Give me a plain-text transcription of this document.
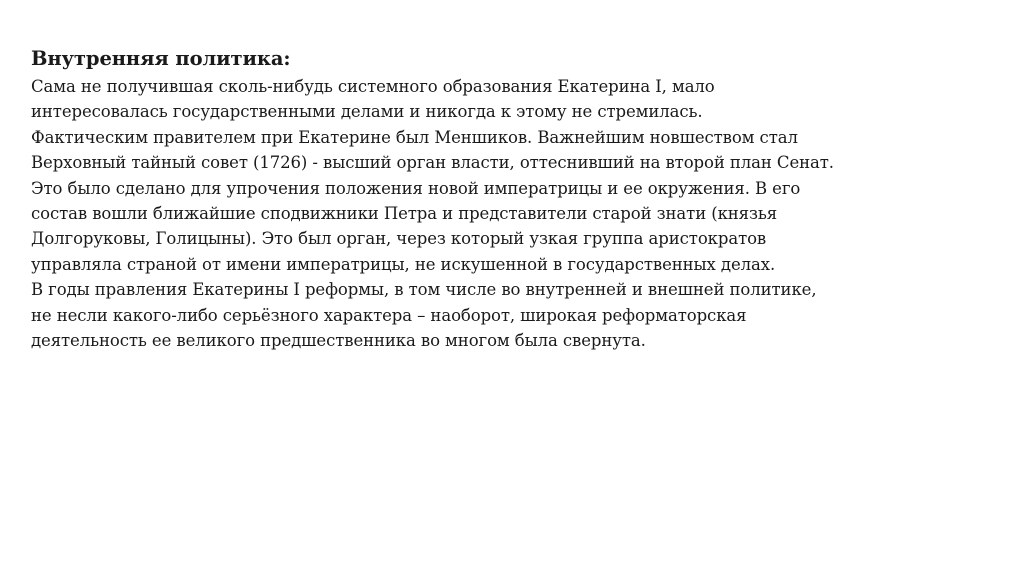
Внутренняя политика:

Сама не получившая сколь-нибудь системного образования Екатерина I, мало

интересовалась государственными делами и никогда к этому не стремилась.

Фактическим правителем при Екатерине был Меншиков. Важнейшим новшеством стал

Верховный тайный совет (1726) - высший орган власти, оттеснивший на второй план Сенат.

Это было сделано для упрочения положения новой императрицы и ее окружения. В его

состав вошли ближайшие сподвижники Петра и представители старой знати (князья

Долгоруковы, Голицыны). Это был орган, через который узкая группа аристократов

управляла страной от имени императрицы, не искушенной в государственных делах.

В годы правления Екатерины I реформы, в том числе во внутренней и внешней политике,

не несли какого-либо серьёзного характера – наоборот, широкая реформаторская

деятельность ее великого предшественника во многом была свернута.
